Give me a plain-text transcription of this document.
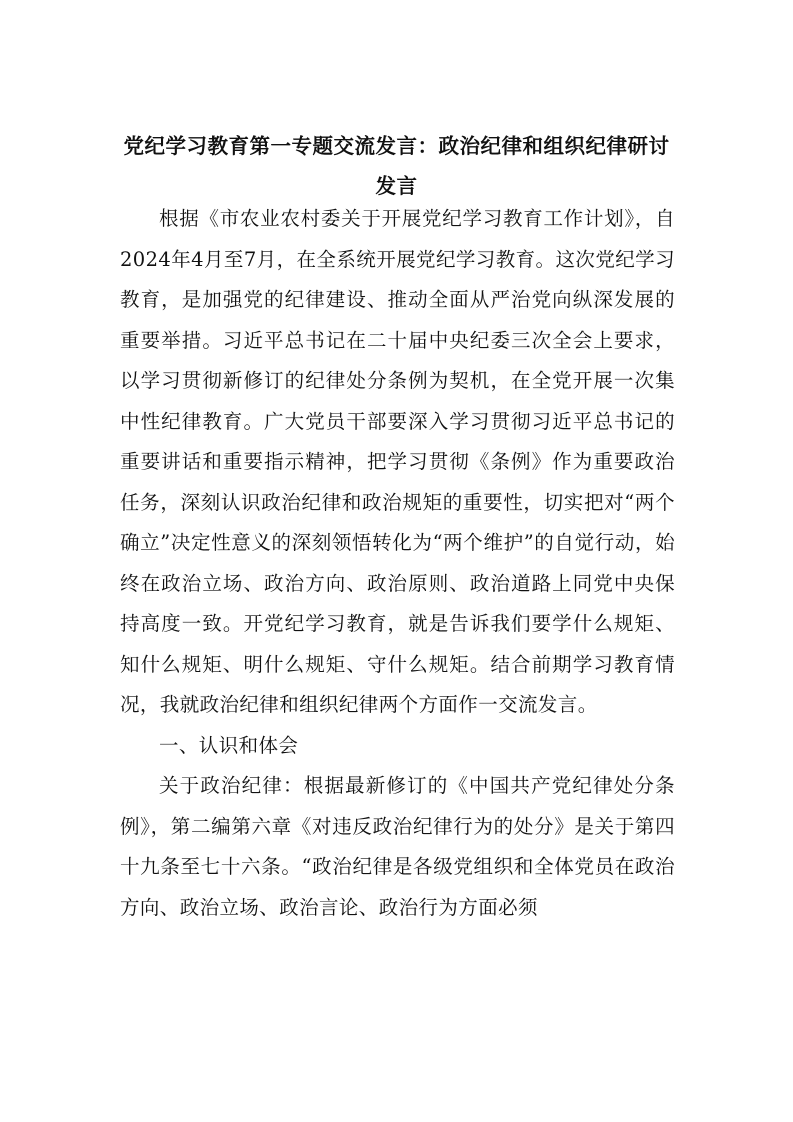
党纪学习教育第一专题交流发言：政治纪律和组织纪律研讨
发言

根据《市农业农村委关于开展党纪学习教育工作计划》，自2024年4月至7月，在全系统开展党纪学习教育。这次党纪学习教育，是加强党的纪律建设、推动全面从严治党向纵深发展的重要举措。习近平总书记在二十届中央纪委三次全会上要求，以学习贯彻新修订的纪律处分条例为契机，在全党开展一次集中性纪律教育。广大党员干部要深入学习贯彻习近平总书记的重要讲话和重要指示精神，把学习贯彻《条例》作为重要政治任务，深刻认识政治纪律和政治规矩的重要性，切实把对“两个确立”决定性意义的深刻领悟转化为“两个维护”的自觉行动，始终在政治立场、政治方向、政治原则、政治道路上同党中央保持高度一致。开党纪学习教育，就是告诉我们要学什么规矩、知什么规矩、明什么规矩、守什么规矩。结合前期学习教育情况，我就政治纪律和组织纪律两个方面作一交流发言。

一、认识和体会

关于政治纪律：根据最新修订的《中国共产党纪律处分条例》，第二编第六章《对违反政治纪律行为的处分》是关于第四十九条至七十六条。“政治纪律是各级党组织和全体党员在政治方向、政治立场、政治言论、政治行为方面必须
